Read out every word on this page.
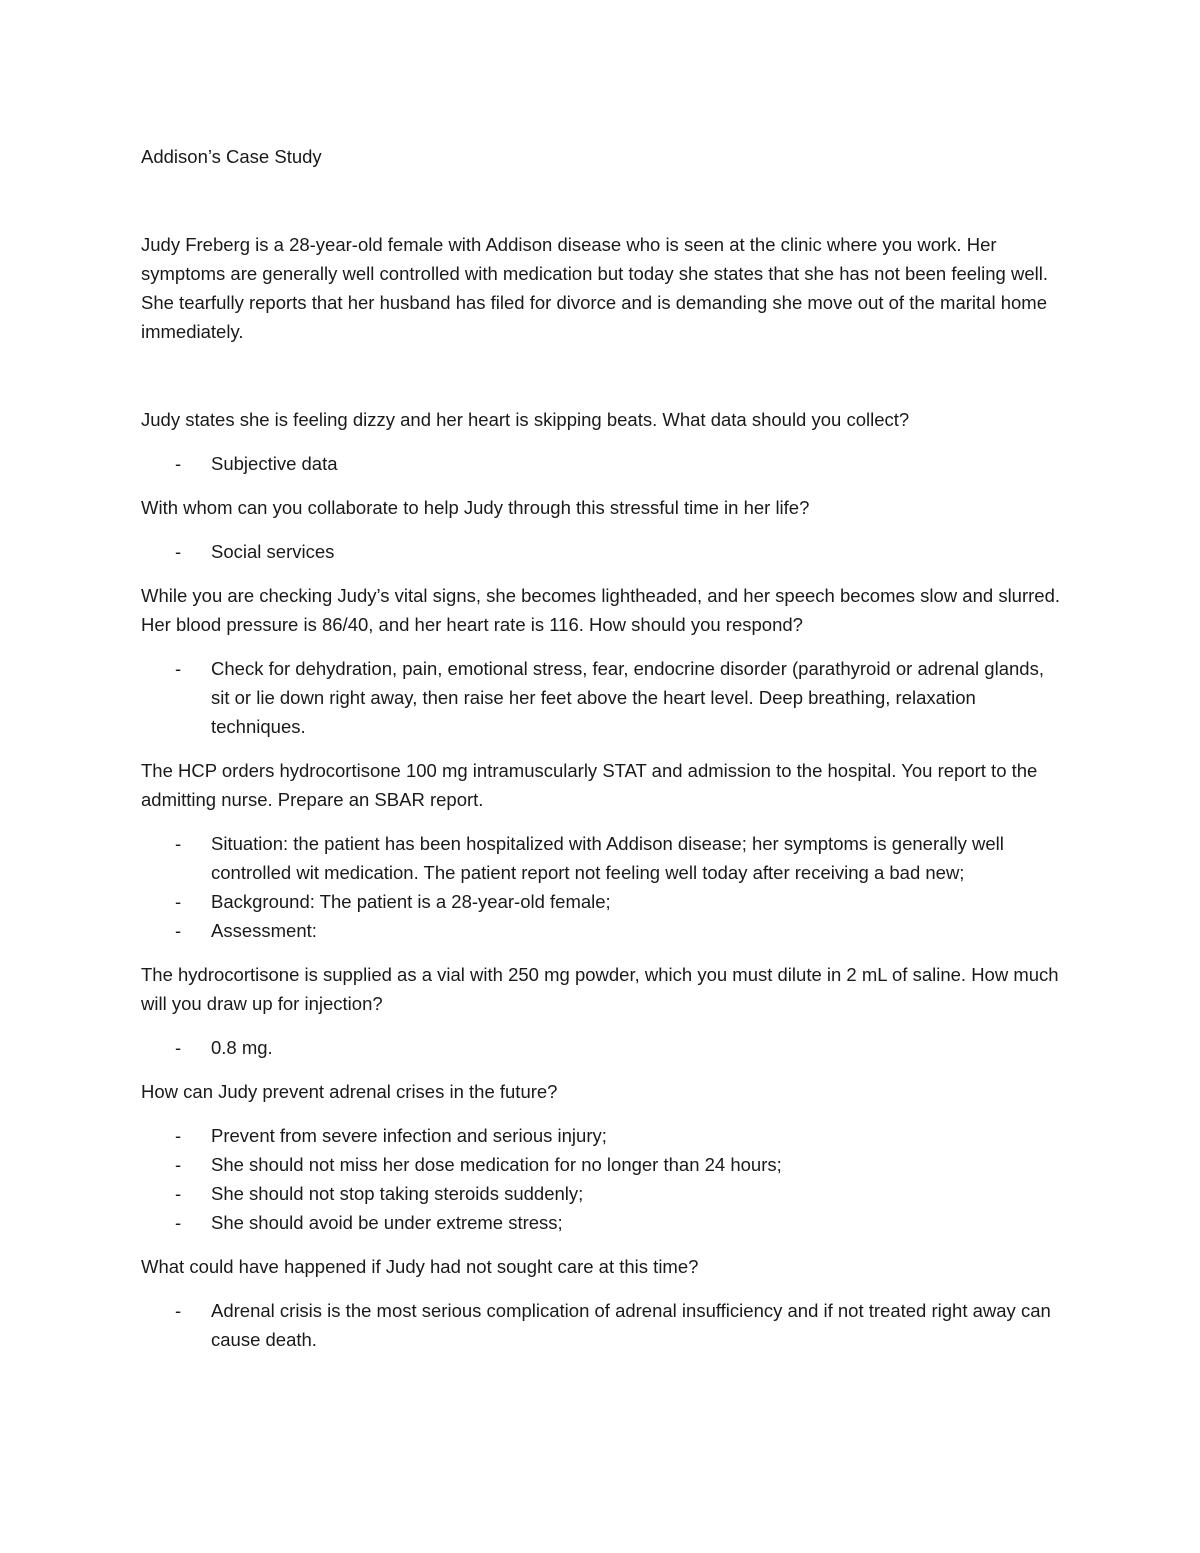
Addison’s Case Study

Judy Freberg is a 28-year-old female with Addison disease who is seen at the clinic where you work. Her symptoms are generally well controlled with medication but today she states that she has not been feeling well. She tearfully reports that her husband has filed for divorce and is demanding she move out of the marital home immediately.

Judy states she is feeling dizzy and her heart is skipping beats. What data should you collect?

- Subjective data

With whom can you collaborate to help Judy through this stressful time in her life?

- Social services

While you are checking Judy’s vital signs, she becomes lightheaded, and her speech becomes slow and slurred. Her blood pressure is 86/40, and her heart rate is 116. How should you respond?

- Check for dehydration, pain, emotional stress, fear, endocrine disorder (parathyroid or adrenal glands, sit or lie down right away, then raise her feet above the heart level. Deep breathing, relaxation techniques.

The HCP orders hydrocortisone 100 mg intramuscularly STAT and admission to the hospital. You report to the admitting nurse. Prepare an SBAR report.

- Situation: the patient has been hospitalized with Addison disease; her symptoms is generally well controlled wit medication. The patient report not feeling well today after receiving a bad new;
- Background: The patient is a 28-year-old female;
- Assessment:

The hydrocortisone is supplied as a vial with 250 mg powder, which you must dilute in 2 mL of saline. How much will you draw up for injection?

- 0.8 mg.

How can Judy prevent adrenal crises in the future?

- Prevent from severe infection and serious injury;
- She should not miss her dose medication for no longer than 24 hours;
- She should not stop taking steroids suddenly;
- She should avoid be under extreme stress;

What could have happened if Judy had not sought care at this time?

- Adrenal crisis is the most serious complication of adrenal insufficiency and if not treated right away can cause death.
